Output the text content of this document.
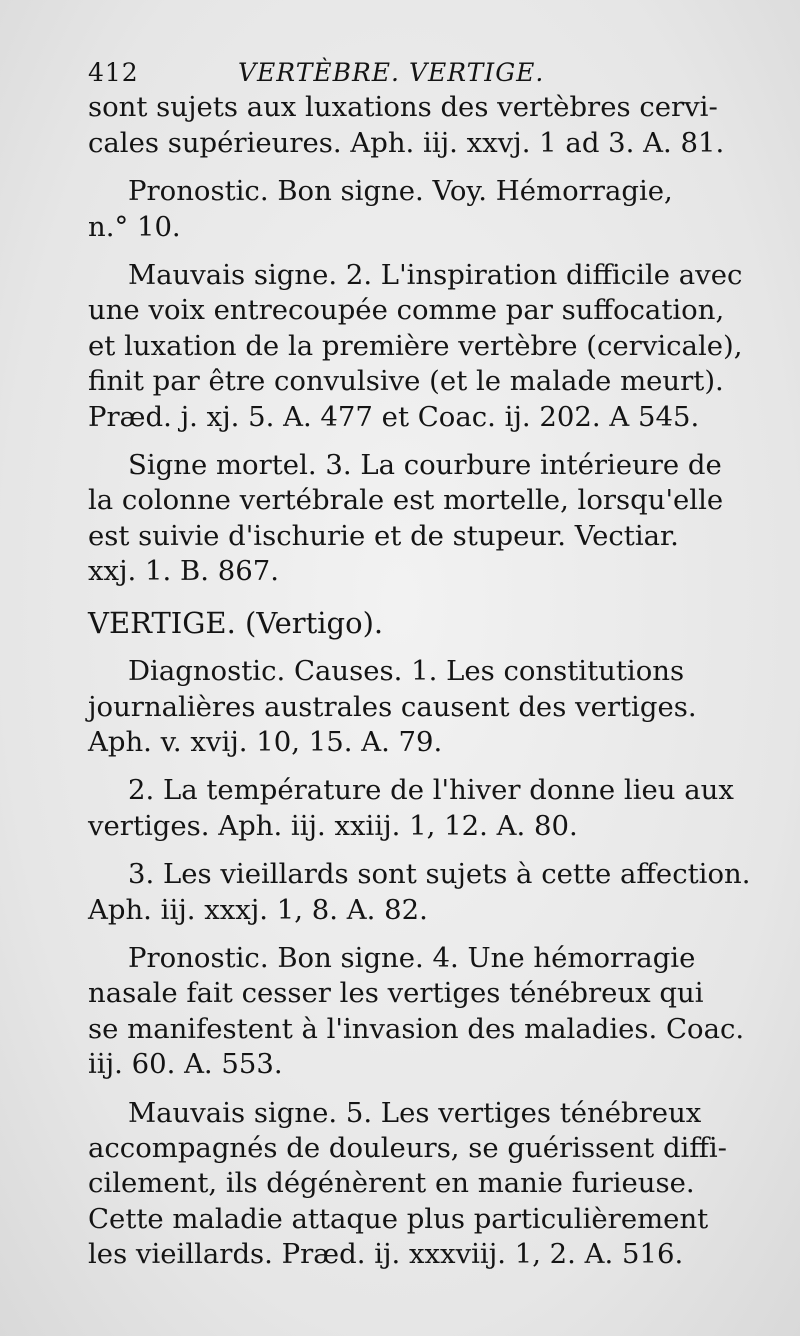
412	VERTÈBRE. VERTIGE.
sont sujets aux luxations des vertèbres cervi-
cales supérieures. Aph. iij. xxvj. 1 ad 3. A. 81.
Pronostic. Bon signe. Voy. Hémorragie,
n.° 10.
Mauvais signe. 2. L'inspiration difficile avec
une voix entrecoupée comme par suffocation,
et luxation de la première vertèbre (cervicale),
finit par être convulsive (et le malade meurt).
Præd. j. xj. 5. A. 477 et Coac. ij. 202. A 545.
Signe mortel. 3. La courbure intérieure de
la colonne vertébrale est mortelle, lorsqu'elle
est suivie d'ischurie et de stupeur. Vectiar.
xxj. 1. B. 867.
VERTIGE. (Vertigo).
Diagnostic. Causes. 1. Les constitutions
journalières australes causent des vertiges.
Aph. v. xvij. 10, 15. A. 79.
2. La température de l'hiver donne lieu aux
vertiges. Aph. iij. xxiij. 1, 12. A. 80.
3. Les vieillards sont sujets à cette affection.
Aph. iij. xxxj. 1, 8. A. 82.
Pronostic. Bon signe. 4. Une hémorragie
nasale fait cesser les vertiges ténébreux qui
se manifestent à l'invasion des maladies. Coac.
iij. 60. A. 553.
Mauvais signe. 5. Les vertiges ténébreux
accompagnés de douleurs, se guérissent diffi-
cilement, ils dégénèrent en manie furieuse.
Cette maladie attaque plus particulièrement
les vieillards. Præd. ij. xxxviij. 1, 2. A. 516.
